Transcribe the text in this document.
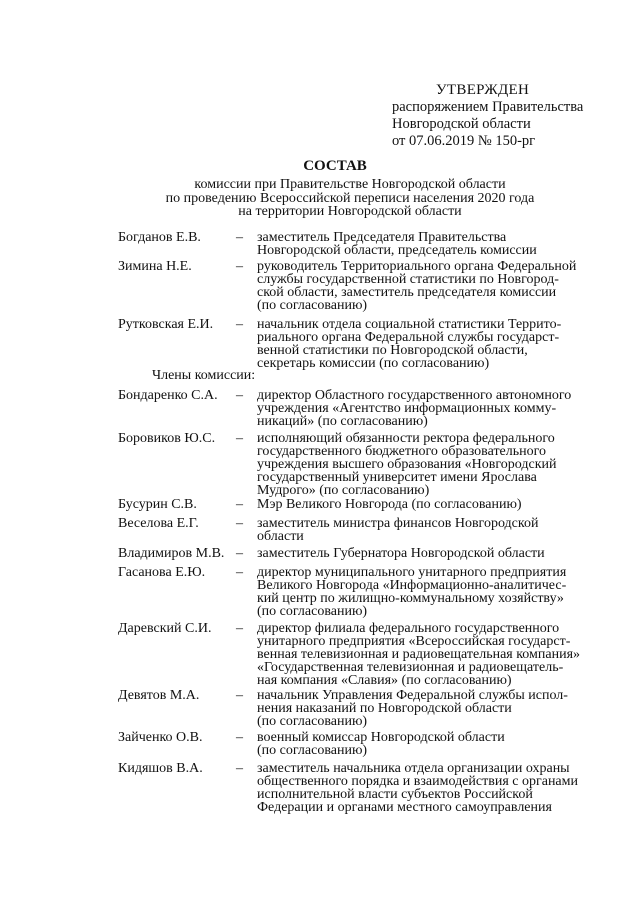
УТВЕРЖДЕН
распоряжением Правительства
Новгородской области
от 07.06.2019 № 150-рг
СОСТАВ
комиссии при Правительстве Новгородской области
по проведению Всероссийской переписи населения 2020 года
на территории Новгородской области
Члены комиссии:
Богданов Е.В.	– заместитель Председателя Правительства
Новгородской области, председатель комиссии
Зимина Н.Е.	– руководитель Территориального органа Федеральной
службы государственной статистики по Новгород-
ской области, заместитель председателя комиссии
(по согласованию)
Рутковская Е.И. – начальник отдела социальной статистики Террито-
риального органа Федеральной службы государст-
венной статистики по Новгородской области,
секретарь комиссии (по согласованию)
Бондаренко С.А. – директор Областного государственного автономного
учреждения «Агентство информационных комму-
никаций» (по согласованию)
Боровиков Ю.С. – исполняющий обязанности ректора федерального
государственного бюджетного образовательного
учреждения высшего образования «Новгородский
государственный университет имени Ярослава
Мудрого» (по согласованию)
Бусурин С.В.	– Мэр Великого Новгорода (по согласованию)
Веселова Е.Г.	– заместитель министра финансов Новгородской
области
Владимиров М.В. – заместитель Губернатора Новгородской области
Гасанова Е.Ю. – директор муниципального унитарного предприятия
Великого Новгорода «Информационно-аналитичес-
кий центр по жилищно-коммунальному хозяйству»
(по согласованию)
Даревский С.И. – директор филиала федерального государственного
унитарного предприятия «Всероссийская государст-
венная телевизионная и радиовещательная компания»
«Государственная телевизионная и радиовещатель-
ная компания «Славия» (по согласованию)
Девятов М.А.	– начальник Управления Федеральной службы испол-
нения наказаний по Новгородской области
(по согласованию)
Зайченко О.В. – военный комиссар Новгородской области
(по согласованию)
Кидяшов В.А. – заместитель начальника отдела организации охраны
общественного порядка и взаимодействия с органами
исполнительной власти субъектов Российской
Федерации и органами местного самоуправления
